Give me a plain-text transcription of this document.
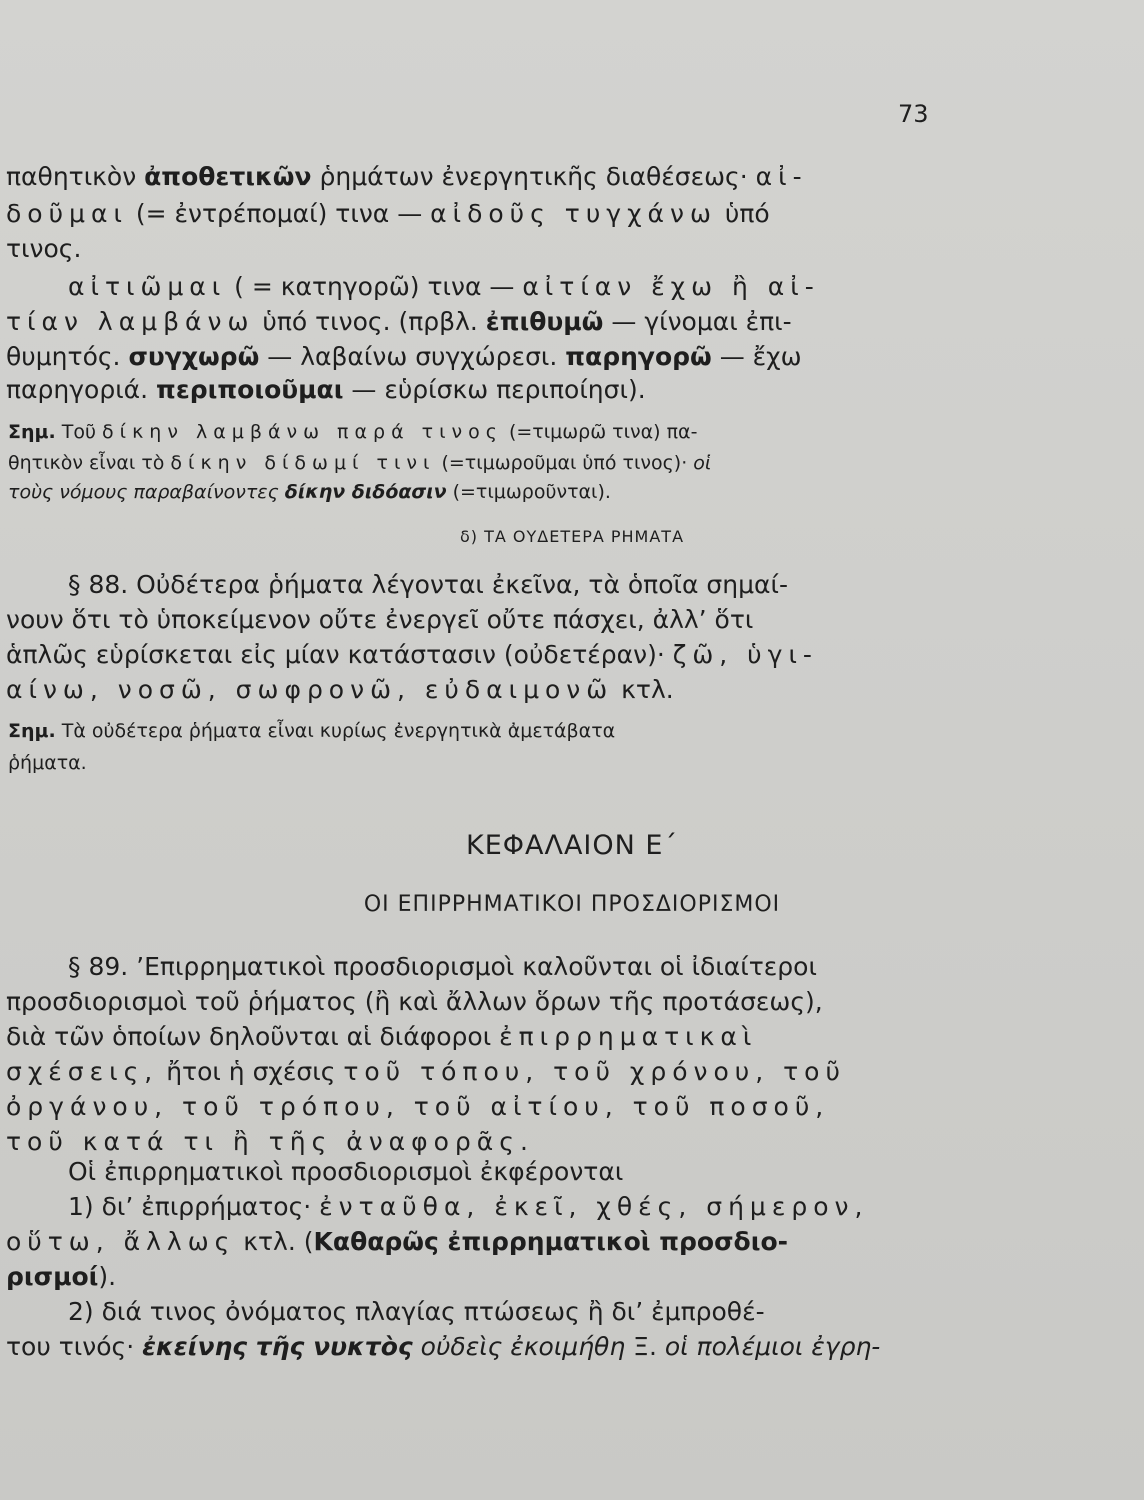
73
δ) ΤΑ ΟΥΔΕΤΕΡΑ ΡΗΜΑΤΑ
ΚΕΦΑΛΑΙΟΝ Ε΄
ΟΙ ΕΠΙΡΡΗΜΑΤΙΚΟΙ ΠΡΟΣΔΙΟΡΙΣΜΟΙ
παθητικὸν ἀποθετικῶν ῥημάτων ἐνεργητικῆς διαθέσεως· αἰ-
δοῦμαι (= ἐντρέπομαί) τινα — αἰδοῦς τυγχάνω ὑπό
τινος.
αἰτιῶμαι ( = κατηγορῶ) τινα — αἰτίαν ἔχω ἢ αἰ-
τίαν λαμβάνω ὑπό τινος. (πρβλ. ἐπιθυμῶ — γίνομαι ἐπι-
θυμητός. συγχωρῶ — λαβαίνω συγχώρεσι. παρηγορῶ — ἔχω
παρηγοριά. περιποιοῦμαι — εὑρίσκω περιποίησι).
Σημ. Τοῦ δίκην λαμβάνω παρά τινος (=τιμωρῶ τινα) πα-
θητικὸν εἶναι τὸ δίκην δίδωμί τινι (=τιμωροῦμαι ὑπό τινος)· οἱ
τοὺς νόμους παραβαίνοντες δίκην διδόασιν (=τιμωροῦνται).
§ 88. Οὐδέτερα ῥήματα λέγονται ἐκεῖνα, τὰ ὁποῖα σημαί-
νουν ὅτι τὸ ὑποκείμενον οὔτε ἐνεργεῖ οὔτε πάσχει, ἀλλ’ ὅτι
ἁπλῶς εὑρίσκεται εἰς μίαν κατάστασιν (οὐδετέραν)· ζῶ, ὑγι-
αίνω, νοσῶ, σωφρονῶ, εὐδαιμονῶ κτλ.
Σημ. Τὰ οὐδέτερα ῥήματα εἶναι κυρίως ἐνεργητικὰ ἀμετάβατα
ῥήματα.
§ 89. ’Επιρρηματικοὶ προσδιορισμοὶ καλοῦνται οἱ ἰδιαίτεροι
προσδιορισμοὶ τοῦ ῥήματος (ἢ καὶ ἄλλων ὅρων τῆς προτάσεως),
διὰ τῶν ὁποίων δηλοῦνται αἱ διάφοροι ἐπιρρηματικαὶ
σχέσεις, ἤτοι ἡ σχέσις τοῦ τόπου, τοῦ χρόνου, τοῦ
ὀργάνου, τοῦ τρόπου, τοῦ αἰτίου, τοῦ ποσοῦ,
τοῦ κατά τι ἢ τῆς ἀναφορᾶς.
Οἱ ἐπιρρηματικοὶ προσδιορισμοὶ ἐκφέρονται
1) δι’ ἐπιρρήματος· ἐνταῦθα, ἐκεῖ, χθές, σήμερον,
οὕτω, ἄλλως κτλ. (Καθαρῶς ἐπιρρηματικοὶ προσδιο-
ρισμοί).
2) διά τινος ὀνόματος πλαγίας πτώσεως ἢ δι’ ἐμπροθέ-
του τινός· ἐκείνης τῆς νυκτὸς οὐδεὶς ἐκοιμήθη Ξ. οἱ πολέμιοι ἐγρη-
